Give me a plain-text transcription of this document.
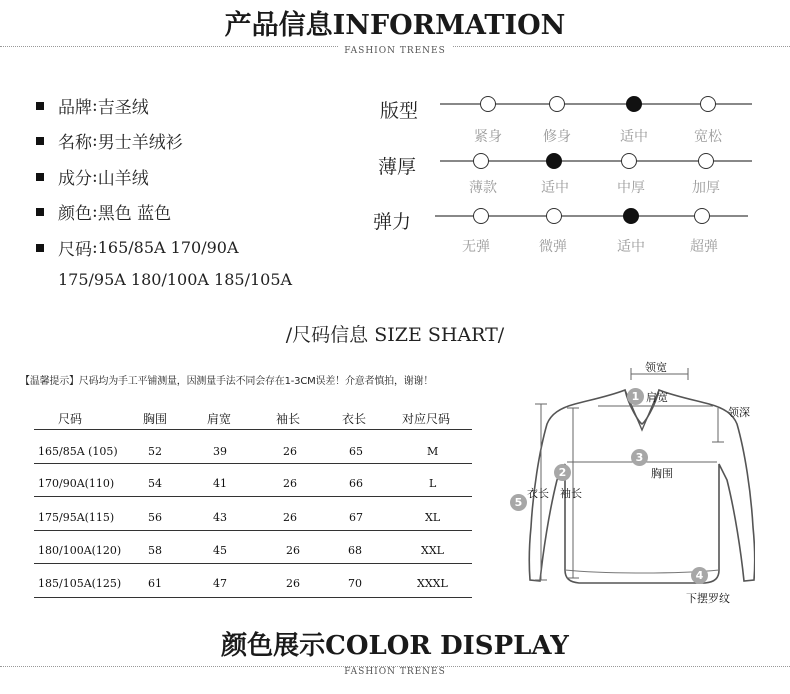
产品信息INFORMATION
FASHION TRENES
品牌 : 吉圣绒
名称 : 男士羊绒衫
成分 : 山羊绒
颜色 : 黑色 蓝色
尺码 : 165/85A 170/90A
175/95A 180/100A 185/105A
版型
紧身	修身	适中	宽松
薄厚
薄款	适中	中厚	加厚
弹力
无弹	微弹	适中	超弹
/尺码信息 SIZE SHART/
【温馨提示】尺码均为手工平铺测量，因测量手法不同会存在1-3CM误差！介意者慎拍，谢谢！
尺码	胸围	肩宽	袖长	衣长	对应尺码
165/85A (105)	52	39	26	65	M
170/90A(110)	54	41	26	66	L
175/95A(115)	56	43	26	67	XL
180/100A(120) 58	45	26	68	XXL
185/105A(125) 61	47	26	70	XXXL
领宽
1 肩宽
领深
3
胸围
2
衣长 袖长
5
4
下摆罗纹
颜色展示COLOR DISPLAY
FASHION TRENES
